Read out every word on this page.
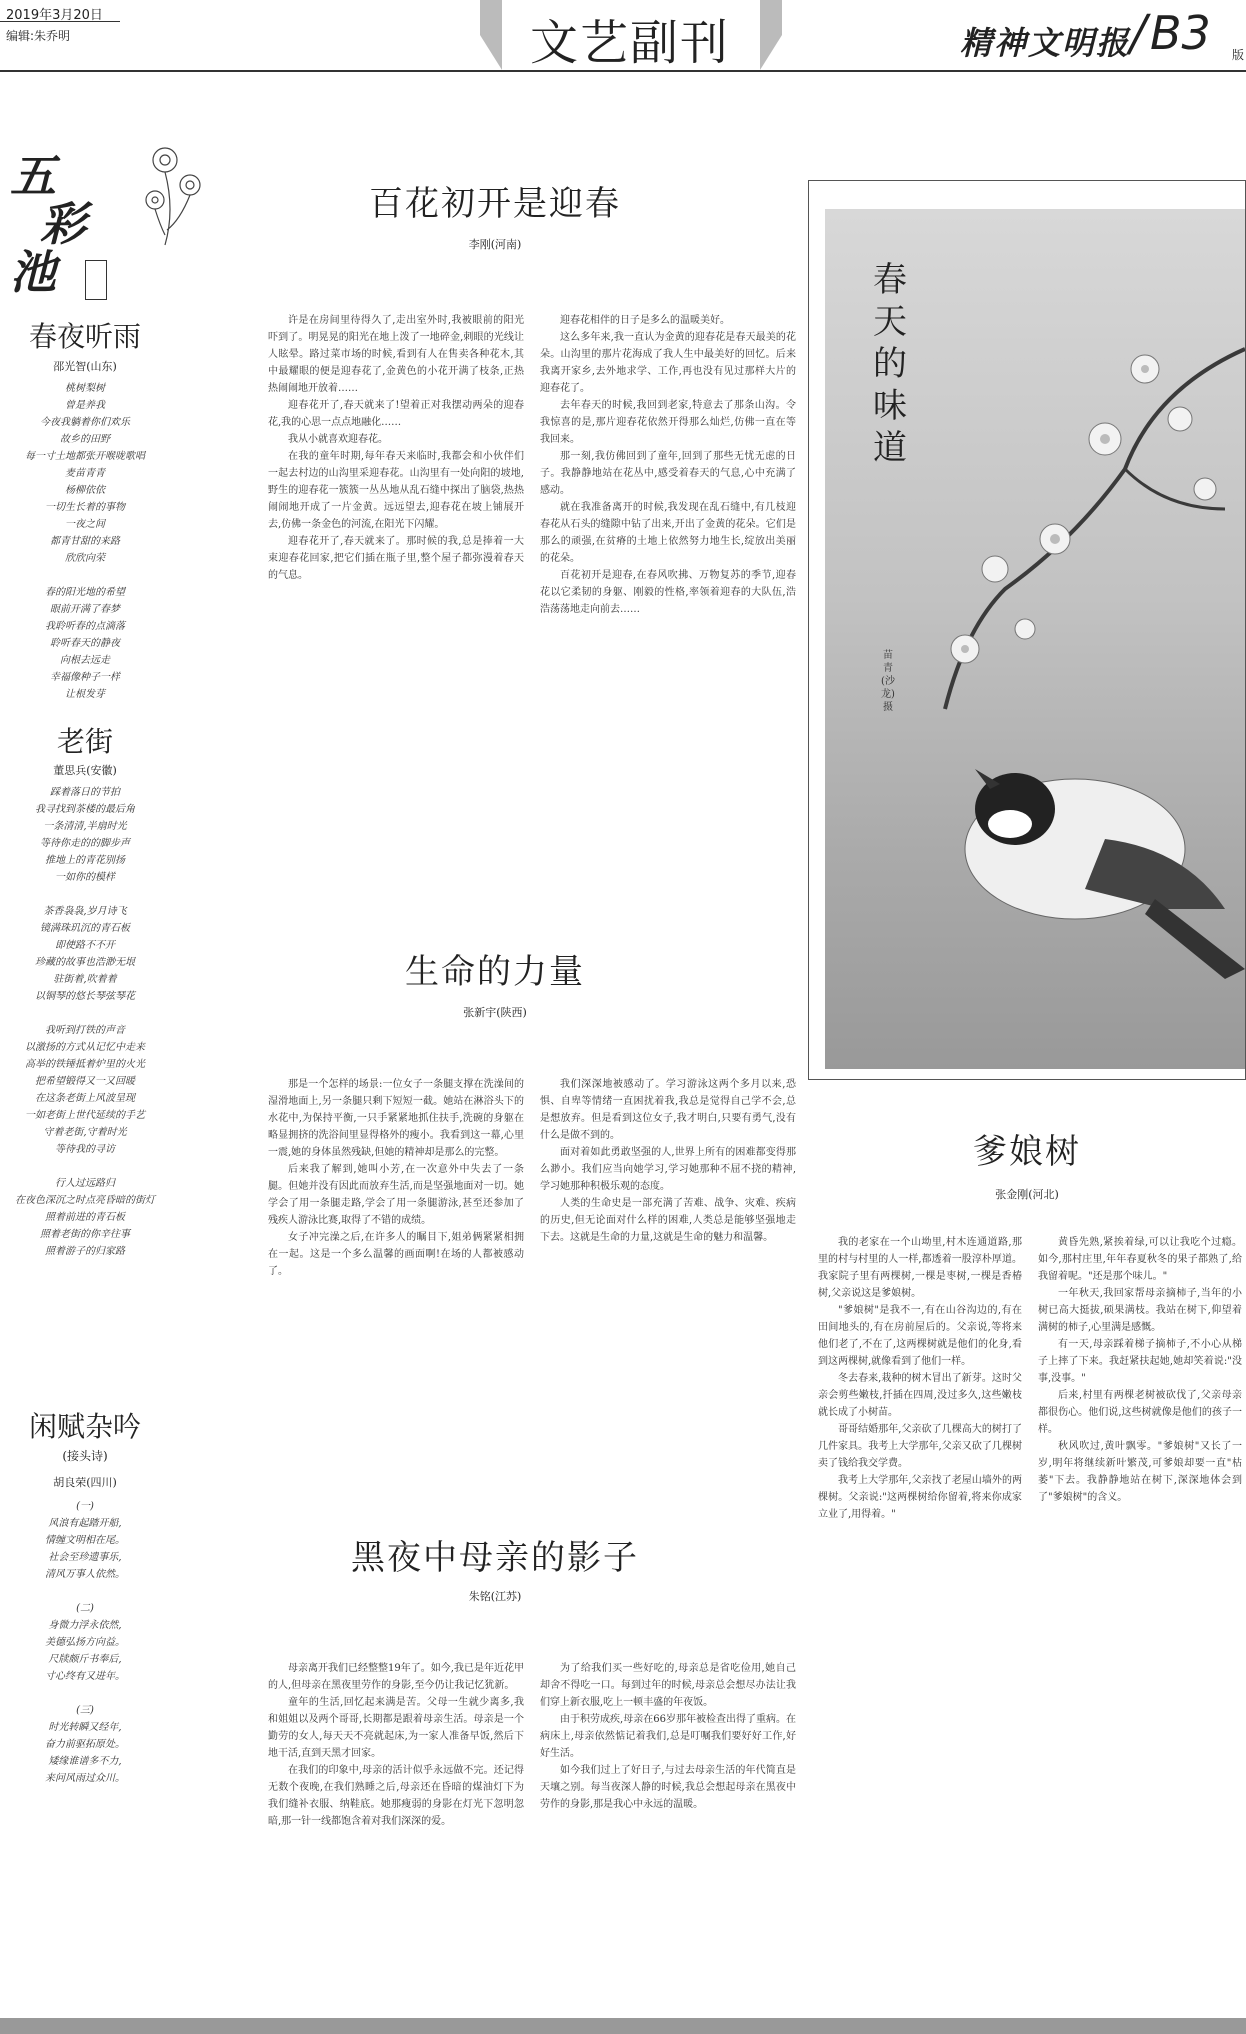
2019年3月20日
编辑:朱乔明	文艺副刊	精神文明报 / B3 版
五
彩
池
春夜听雨
邵光智(山东)
桃树梨树
曾是养我
今夜我躺着你们欢乐
故乡的田野
每一寸土地都张开喉咙歌唱
麦苗青青
杨柳依依
一切生长着的事物
一夜之间
都青甘甜的来路
欣欣向荣
春的阳光地的希望
眼前开满了春梦
我聆听春的点滴落
聆听春天的静夜
向根去远走
幸福像种子一样
让根发芽
老街
董思兵(安徽)
踩着落日的节拍
我寻找到茶楼的最后角
一条清清,半扇时光
等待你走的的脚步声
推地上的青花别扬
一如你的模样
茶香袅袅,岁月诗飞
镜满珠玑沉的青石板
即使路不不开
珍藏的故事也浩渺无垠
驻街着,吹着着
以铜琴的悠长琴弦琴花
我听到打铁的声音
以激扬的方式从记忆中走来
高举的铁锤抵着炉里的火光
把希望锻得又一又回暖
在这条老街上风波呈现
一如老街上世代延续的手艺
守着老街,守着时光
等待我的寻访
行人过远路归
在夜色深沉之时点亮昏暗的街灯
照着前进的青石板
照着老街的你辛往事
照着游子的归家路
闲赋杂吟
(接头诗)
胡良荣(四川)
(一)
风浪有起踏开船,
情缠文明相在尾。
社会至珍遗事乐,
清风万事人依然。
(二)
身微力浮永依然,
美德弘扬方向益。
尺牍颇斤书奉后,
寸心终有又进年。
(三)
时光转瞬又经年,
奋力前驱拓原处。
矮缘谁谱多不力,
来问风雨过众川。
百花初开是迎春
李刚(河南)

许是在房间里待得久了,走出室外时,我被眼前的阳光吓到了。明晃晃的阳光在地上泼了一地碎金,刺眼的光线让人眩晕。路过菜市场的时候,看到有人在售卖各种花木,其中最耀眼的便是迎春花了,金黄色的小花开满了枝条,正热热闹闹地开放着……

迎春花开了,春天就来了!望着正对我摆动两朵的迎春花,我的心思一点点地融化……

我从小就喜欢迎春花。

在我的童年时期,每年春天来临时,我都会和小伙伴们一起去村边的山沟里采迎春花。山沟里有一处向阳的坡地,野生的迎春花一簇簇一丛丛地从乱石缝中探出了脑袋,热热闹闹地开成了一片金黄。远远望去,迎春花在坡上铺展开去,仿佛一条金色的河流,在阳光下闪耀。

迎春花开了,春天就来了。那时候的我,总是捧着一大束迎春花回家,把它们插在瓶子里,整个屋子都弥漫着春天的气息。

迎春花相伴的日子是多么的温暖美好。

这么多年来,我一直认为金黄的迎春花是春天最美的花朵。山沟里的那片花海成了我人生中最美好的回忆。后来我离开家乡,去外地求学、工作,再也没有见过那样大片的迎春花了。

去年春天的时候,我回到老家,特意去了那条山沟。令我惊喜的是,那片迎春花依然开得那么灿烂,仿佛一直在等我回来。

那一刻,我仿佛回到了童年,回到了那些无忧无虑的日子。我静静地站在花丛中,感受着春天的气息,心中充满了感动。

就在我准备离开的时候,我发现在乱石缝中,有几枝迎春花从石头的缝隙中钻了出来,开出了金黄的花朵。它们是那么的顽强,在贫瘠的土地上依然努力地生长,绽放出美丽的花朵。

百花初开是迎春,在春风吹拂、万物复苏的季节,迎春花以它柔韧的身躯、刚毅的性格,率领着迎春的大队伍,浩浩荡荡地走向前去……

生命的力量
张新宇(陕西)

那是一个怎样的场景:一位女子一条腿支撑在洗澡间的湿滑地面上,另一条腿只剩下短短一截。她站在淋浴头下的水花中,为保持平衡,一只手紧紧地抓住扶手,洗碗的身躯在略显拥挤的洗浴间里显得格外的瘦小。我看到这一幕,心里一震,她的身体虽然残缺,但她的精神却是那么的完整。

后来我了解到,她叫小芳,在一次意外中失去了一条腿。但她并没有因此而放弃生活,而是坚强地面对一切。她学会了用一条腿走路,学会了用一条腿游泳,甚至还参加了残疾人游泳比赛,取得了不错的成绩。

女子冲完澡之后,在许多人的瞩目下,姐弟俩紧紧相拥在一起。这是一个多么温馨的画面啊!在场的人都被感动了。

我们深深地被感动了。学习游泳这两个多月以来,恐惧、自卑等情绪一直困扰着我,我总是觉得自己学不会,总是想放弃。但是看到这位女子,我才明白,只要有勇气,没有什么是做不到的。

面对着如此勇敢坚强的人,世界上所有的困难都变得那么渺小。我们应当向她学习,学习她那种不屈不挠的精神,学习她那种积极乐观的态度。

人类的生命史是一部充满了苦难、战争、灾难、疾病的历史,但无论面对什么样的困难,人类总是能够坚强地走下去。这就是生命的力量,这就是生命的魅力和温馨。

黑夜中母亲的影子
朱铭(江苏)

母亲离开我们已经整整19年了。如今,我已是年近花甲的人,但母亲在黑夜里劳作的身影,至今仍让我记忆犹新。

童年的生活,回忆起来满是苦。父母一生就少离多,我和姐姐以及两个哥哥,长期都是跟着母亲生活。母亲是一个勤劳的女人,每天天不亮就起床,为一家人准备早饭,然后下地干活,直到天黑才回家。

在我们的印象中,母亲的活计似乎永远做不完。还记得无数个夜晚,在我们熟睡之后,母亲还在昏暗的煤油灯下为我们缝补衣服、纳鞋底。她那瘦弱的身影在灯光下忽明忽暗,那一针一线都饱含着对我们深深的爱。

为了给我们买一些好吃的,母亲总是省吃俭用,她自己却舍不得吃一口。每到过年的时候,母亲总会想尽办法让我们穿上新衣服,吃上一顿丰盛的年夜饭。

由于积劳成疾,母亲在66岁那年被检查出得了重病。在病床上,母亲依然惦记着我们,总是叮嘱我们要好好工作,好好生活。

如今我们过上了好日子,与过去母亲生活的年代简直是天壤之别。每当夜深人静的时候,我总会想起母亲在黑夜中劳作的身影,那是我心中永远的温暖。

春天的味道
苗青(沙龙) 摄
爹娘树
张金刚(河北)

我的老家在一个山坳里,村木连通道路,那里的村与村里的人一样,都透着一股淳朴厚道。我家院子里有两棵树,一棵是枣树,一棵是香椿树,父亲说这是爹娘树。

"爹娘树"是我不一,有在山谷沟边的,有在田间地头的,有在房前屋后的。父亲说,等将来他们老了,不在了,这两棵树就是他们的化身,看到这两棵树,就像看到了他们一样。

冬去春来,栽种的树木冒出了新芽。这时父亲会剪些嫩枝,扦插在四周,没过多久,这些嫩枝就长成了小树苗。

哥哥结婚那年,父亲砍了几棵高大的树打了几件家具。我考上大学那年,父亲又砍了几棵树卖了钱给我交学费。

我考上大学那年,父亲找了老屋山墙外的两棵树。父亲说:"这两棵树给你留着,将来你成家立业了,用得着。"

黄昏先熟,紧挨着绿,可以让我吃个过瘾。如今,那村庄里,年年春夏秋冬的果子都熟了,给我留着呢。"还是那个味儿。"

一年秋天,我回家帮母亲摘柿子,当年的小树已高大挺拔,硕果满枝。我站在树下,仰望着满树的柿子,心里满是感慨。

有一天,母亲踩着梯子摘柿子,不小心从梯子上摔了下来。我赶紧扶起她,她却笑着说:"没事,没事。"

后来,村里有两棵老树被砍伐了,父亲母亲都很伤心。他们说,这些树就像是他们的孩子一样。

秋风吹过,黄叶飘零。"爹娘树"又长了一岁,明年将继续新叶繁茂,可爹娘却要一直"枯萎"下去。我静静地站在树下,深深地体会到了"爹娘树"的含义。
